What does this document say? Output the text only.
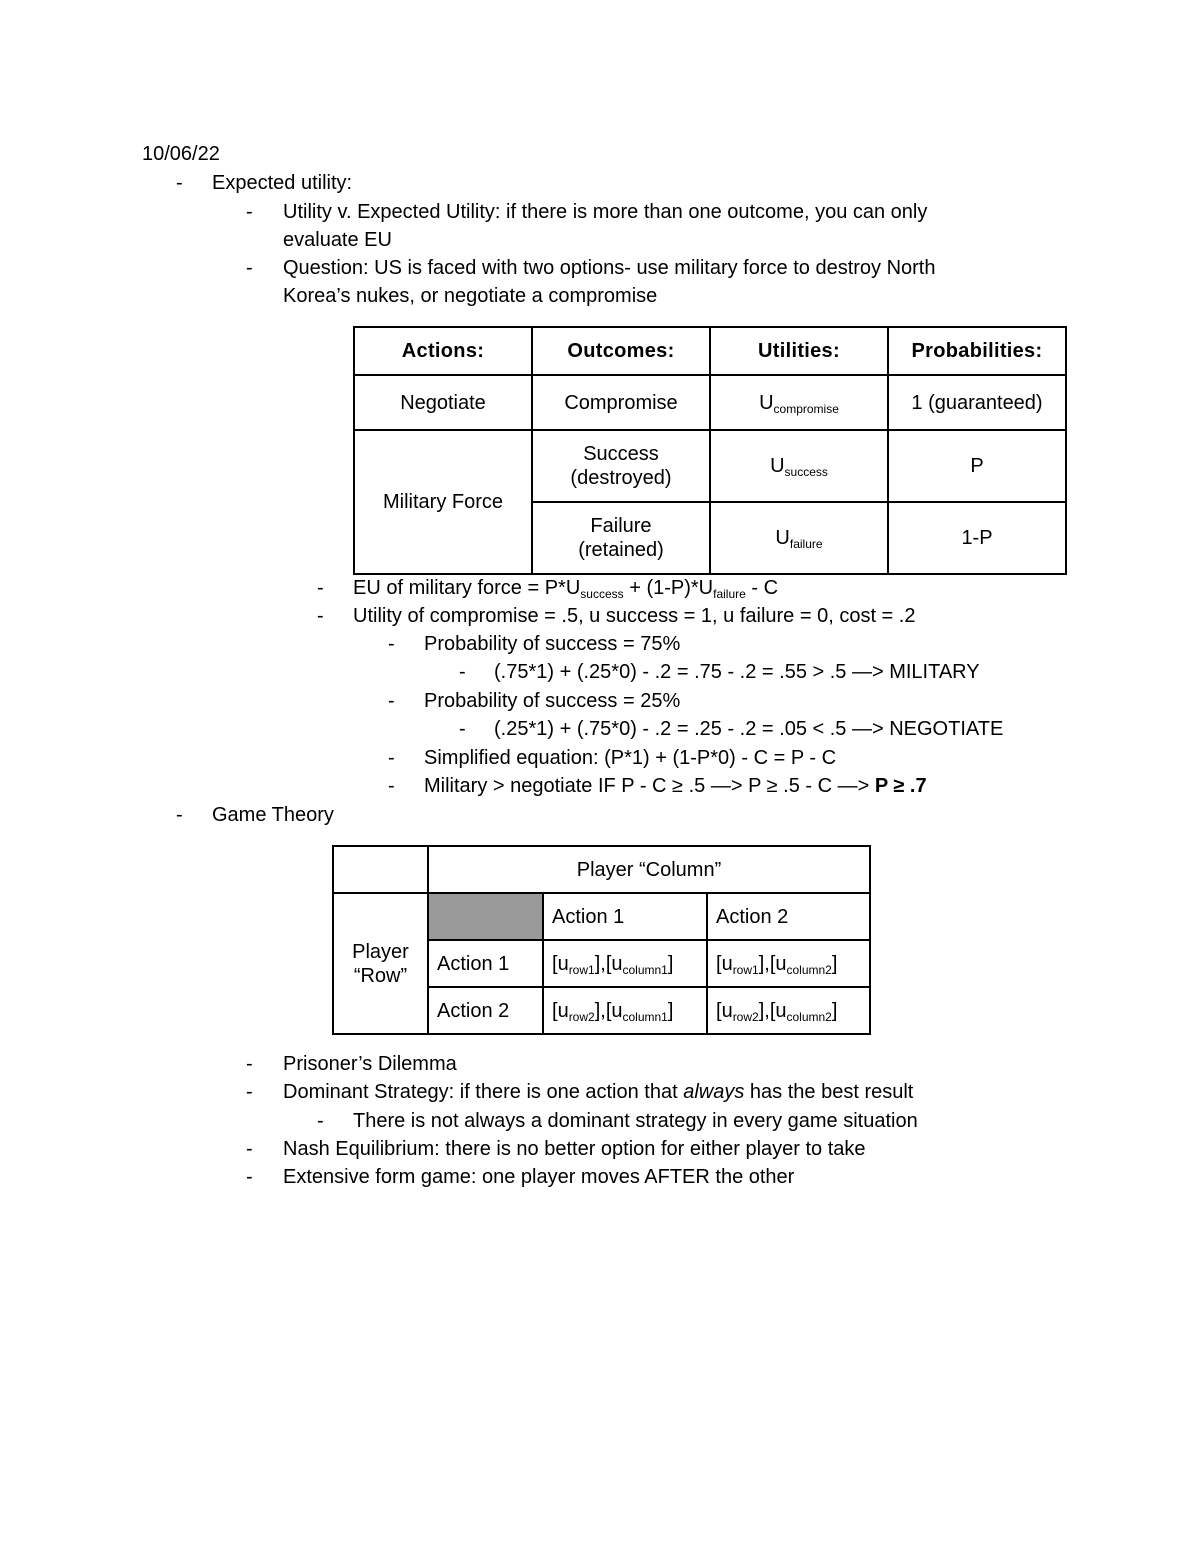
10/06/22
- Expected utility:
- Utility v. Expected Utility: if there is more than one outcome, you can only
evaluate EU
- Question: US is faced with two options- use military force to destroy North
Korea’s nukes, or negotiate a compromise
Actions:	Outcomes:	Utilities:	Probabilities:
Negotiate	Compromise	$U_{compromise}$	1 (guaranteed)
Military Force	Success
(destroyed)	$U_{success}$	P
	Failure
(retained)	$U_{failure}$	1-P
- EU of military force = $P*U_{success} + (1-P)*U_{failure} - C$
- Utility of compromise = .5, u success = 1, u failure = 0, cost = .2
- Probability of success = 75%
- (.75*1) + (.25*0) - .2 = .75 - .2 = .55 > .5 —> MILITARY
- Probability of success = 25%
- (.25*1) + (.75*0) - .2 = .25 - .2 = .05 < .5 —> NEGOTIATE
- Simplified equation: (P*1) + (1-P*0) - C = P - C
- Military > negotiate IF P - C ≥ .5 —> P ≥ .5 - C —> P ≥ .7
- Game Theory
	Player “Column”		
Player
“Row”		Action 1	Action 2
	Action 1	$[u_{row1}],[u_{column1}]$	$[u_{row1}],[u_{column2}]$
	Action 2	$[u_{row2}],[u_{column1}]$	$[u_{row2}],[u_{column2}]$
- Prisoner’s Dilemma
- Dominant Strategy: if there is one action that always has the best result
- There is not always a dominant strategy in every game situation
- Nash Equilibrium: there is no better option for either player to take
- Extensive form game: one player moves AFTER the other
